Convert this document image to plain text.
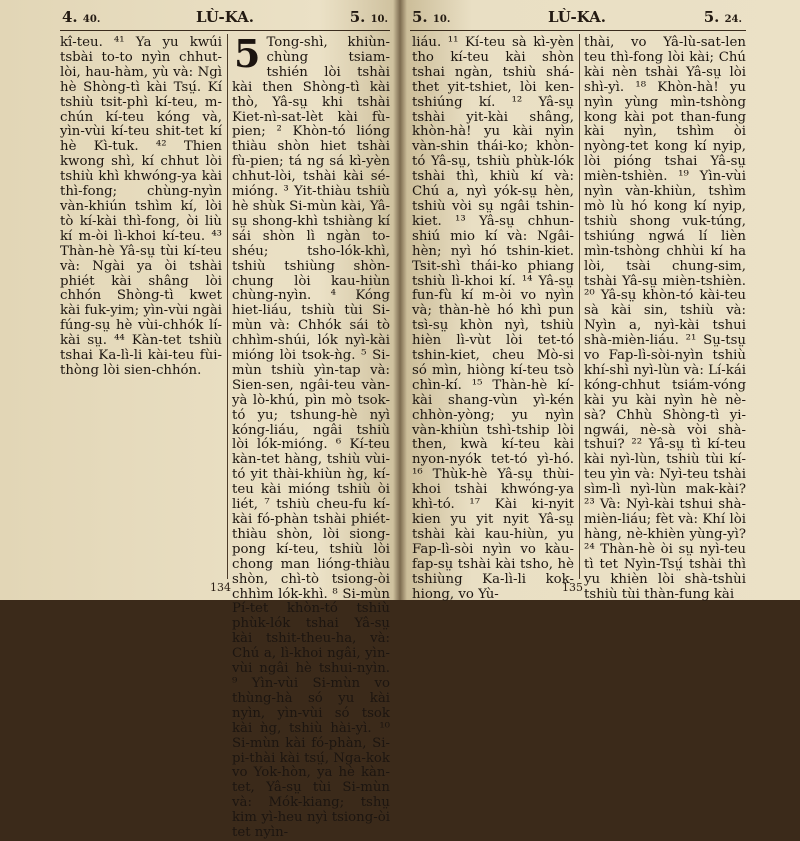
4. 40.	LÙ-KA.	5. 10.

kî-teu. ⁴¹ Ya yu kwúi tsbài to-to nyìn chhut-lòi, hau-hàm, yù và: Ngì hè Shòng-tì kài Tsṳ́. Kí tshiù tsit-phì kí-teu, m-chún kí-teu kóng và, yìn-vùi kí-teu shit-tet kí hè Kì-tuk. ⁴² Thien kwong shì, kí chhut lòi tshiù khì khwóng-ya kài thì-fong; chùng-nyìn vàn-khiún tshìm kí, lòi tò kí-kài thì-fong, òi liù kí m-òi lì-khoi kí-teu. ⁴³ Thàn-hè Yâ-sṳ tùi kí-teu và: Ngài ya òi tshài phiét kài shâng lòi chhón Shòng-tì kwet kài fuk-yim; yìn-vùi ngài fúng-sṳ hè vùi-chhók lí-kài sṳ. ⁴⁴ Kàn-tet tshiù tshai Ka-lì-li kài-teu fùi-thòng lòi sien-chhón.

5 Tong-shì, khiùn-chùng tsiam-tshién lòi tshài kài then Shòng-tì kài thò, Yâ-sṳ khi tshài Kiet-nì-sat-lèt kài fù-pien; ² Khòn-tó lióng thiàu shòn hiet tshài fù-pien; tá ng sá kì-yèn chhut-lòi, tshài kài sé-mióng. ³ Yit-thiàu tshiù hè shùk Si-mùn kài, Yâ-sṳ shong-khì tshiàng kí sái shòn lì ngàn to-shéu; tsho-lók-khì, tshiù tshiùng shòn-chung lòi kau-hiùn chùng-nyìn. ⁴ Kóng hiet-liáu, tshiù tùi Si-mùn và: Chhók sái tò chhìm-shúi, lók nyì-kài mióng lòi tsok-ǹg. ⁵ Si-mùn tshiù yìn-tap và: Sien-sen, ngâi-teu vàn-yà lò-khú, pìn mò tsok-tó yu; tshung-hè nyì kóng-liáu, ngâi tshiù lòi lók-mióng. ⁶ Kí-teu kàn-tet hàng, tshiù vùi-tó yit thài-khiùn ǹg, kí-teu kài mióng tshiù òi liét, ⁷ tshiù cheu-fu kí-kài fó-phàn tshài phiét-thiàu shòn, lòi siong-pong kí-teu, tshiù lòi chong man lióng-thiàu shòn, chì-tò tsiong-òi chhìm lók-khì. ⁸ Si-mùn Pí-tet khòn-tó tshiù phùk-lók tshai Yâ-sṳ kài tshit-theu-ha, và: Chú a, lì-khoi ngâi, yìn-vùi ngâi hè tshui-nyìn. ⁹ Yìn-vùi Si-mùn vo thùng-hà só yu kài nyìn, yìn-vùi só tsok kài ǹg, tshiù hài-yì. ¹⁰ Si-mùn kài fó-phàn, Si-pi-thài kài tsṳ́, Nga-kok vo Yok-hòn, ya hè kàn-tet, Yâ-sṳ tùi Si-mùn và: Mók-kiang; tshṳ kim yì-heu nyì tsiong-òi tet nyìn-

134
5. 10.	LÙ-KA.	5. 24.

liáu. ¹¹ Kí-teu sà kì-yèn tho kí-teu kài shòn tshai ngàn, tshiù shá-thet yit-tshiet, lòi ken-tshiúng kí. ¹² Yâ-sṳ tshài yit-kài shâng, khòn-hà! yu kài nyìn vàn-shin thái-ko; khòn-tó Yâ-sṳ, tshiù phùk-lók tshài thì, khiù kí và: Chú a, nyì yók-sṳ hèn, tshiù vòi sṳ ngâi tshin-kiet. ¹³ Yâ-sṳ chhun-shiú mio kí và: Ngâi-hèn; nyì hó tshin-kiet. Tsit-shì thái-ko phiang tshiù lì-khoi kí. ¹⁴ Yâ-sṳ fun-fù kí m-òi vo nyìn và; thàn-hè hó khì pun tsì-sṳ khòn nyì, tshiù hièn lì-vùt lòi tet-tó tshin-kiet, cheu Mò-si só mìn, hiòng kí-teu tsò chìn-kí. ¹⁵ Thàn-hè kí-kài shang-vùn yì-kén chhòn-yòng; yu nyìn vàn-khiùn tshì-tship lòi then, kwà kí-teu kài nyon-nyók tet-tó yì-hó. ¹⁶ Thùk-hè Yâ-sṳ thùi-khoi tshài khwóng-ya khì-tó. ¹⁷ Kài ki-nyit kien yu yit nyit Yâ-sṳ tshài kài kau-hiùn, yu Fap-lì-sòi nyìn vo kàu-fap-sṳ tshài kài tsho, hè tshiùng Ka-lì-li kok-hiong, vo Yù-

thài, vo Yâ-lù-sat-len teu thì-fong lòi kài; Chú kài nèn tshài Yâ-sṳ lòi shì-yì. ¹⁸ Khòn-hà! yu nyìn yùng mìn-tshòng kong kài pot than-fung kài nyìn, tshìm òi nyòng-tet kong kí nyip, lòi pióng tshai Yâ-sṳ mièn-tshièn. ¹⁹ Yìn-vùi nyìn vàn-khiùn, tshìm mò lù hó kong kí nyip, tshiù shong vuk-túng, tshiúng ngwá lí lièn mìn-tshòng chhùi kí ha lòi, tsài chung-sim, tshài Yâ-sṳ mièn-tshièn. ²⁰ Yâ-sṳ khòn-tó kài-teu sà kài sin, tshiù và: Nyìn a, nyì-kài tshui shà-mièn-liáu. ²¹ Sṳ-tsṳ vo Fap-lì-sòi-nyìn tshiù khí-shì nyì-lùn và: Lí-kái kóng-chhut tsiám-vóng kài yu kài nyìn hè nè-sà? Chhù Shòng-tì yi-ngwái, nè-sà vòi shà-tshui? ²² Yâ-sṳ tì kí-teu kài nyì-lùn, tshiù tùi kí-teu yìn và: Nyì-teu tshài sìm-lì nyì-lùn mak-kài? ²³ Và: Nyì-kài tshui shà-mièn-liáu; fèt và: Khí lòi hàng, nè-khièn yùng-yì? ²⁴ Thàn-hè òi sṳ nyì-teu tì tet Nyìn-Tsṳ́ tshài thì yu khièn lòi shà-tshùi tshiù tùi thàn-fung kài

135
